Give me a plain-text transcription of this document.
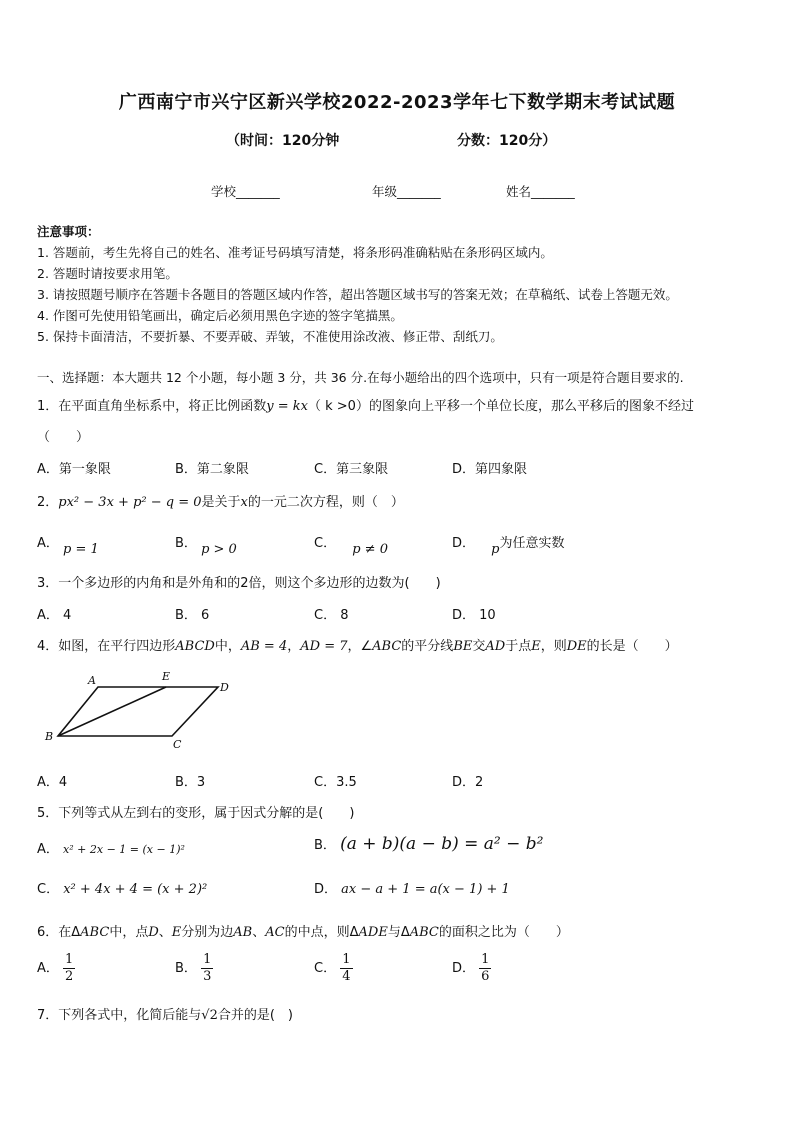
广西南宁市兴宁区新兴学校2022-2023学年七下数学期末考试试题
（时间：120分钟	分数：120分）
学校_______	年级_______	姓名_______
注意事项：
1. 答题前，考生先将自己的姓名、准考证号码填写清楚，将条形码准确粘贴在条形码区域内。
2. 答题时请按要求用笔。
3. 请按照题号顺序在答题卡各题目的答题区域内作答，超出答题区域书写的答案无效；在草稿纸、试卷上答题无效。
4. 作图可先使用铅笔画出，确定后必须用黑色字迹的签字笔描黑。
5. 保持卡面清洁，不要折暴、不要弄破、弄皱，不准使用涂改液、修正带、刮纸刀。
一、选择题：本大题共 12 个小题，每小题 3 分，共 36 分.在每小题给出的四个选项中，只有一项是符合题目要求的.
1．在平面直角坐标系中，将正比例函数y = kx（ k >0）的图象向上平移一个单位长度，那么平移后的图象不经过
（　　）
A．第一象限	B．第二象限	C．第三象限	D．第四象限
2．px² − 3x + p² − q = 0是关于x的一元二次方程，则（　）
A． p = 1	B． p > 0	C． p ≠ 0	D． p为任意实数
3．一个多边形的内角和是外角和的2倍，则这个多边形的边数为(　　)
A． 4	B． 6	C． 8	D． 10
4．如图，在平行四边形ABCD中，AB = 4，AD = 7，∠ABC的平分线BE交AD于点E，则DE的长是（　　）
A	E
D
B
C
A．4	B．3	C．3.5	D．2
5．下列等式从左到右的变形，属于因式分解的是(　　)
A． x² + 2x − 1 = (x − 1)²	B． (a + b)(a − b) = a² − b²
C． x² + 4x + 4 = (x + 2)²	D． ax − a + 1 = a(x − 1) + 1
6．在ΔABC中，点D、E分别为边AB、AC的中点，则ΔADE与ΔABC的面积之比为（　　）
A． $\frac{1}{2}$	B． $\frac{1}{3}$	C． $\frac{1}{4}$	D． $\frac{1}{6}$
7．下列各式中，化简后能与√2合并的是(　)
